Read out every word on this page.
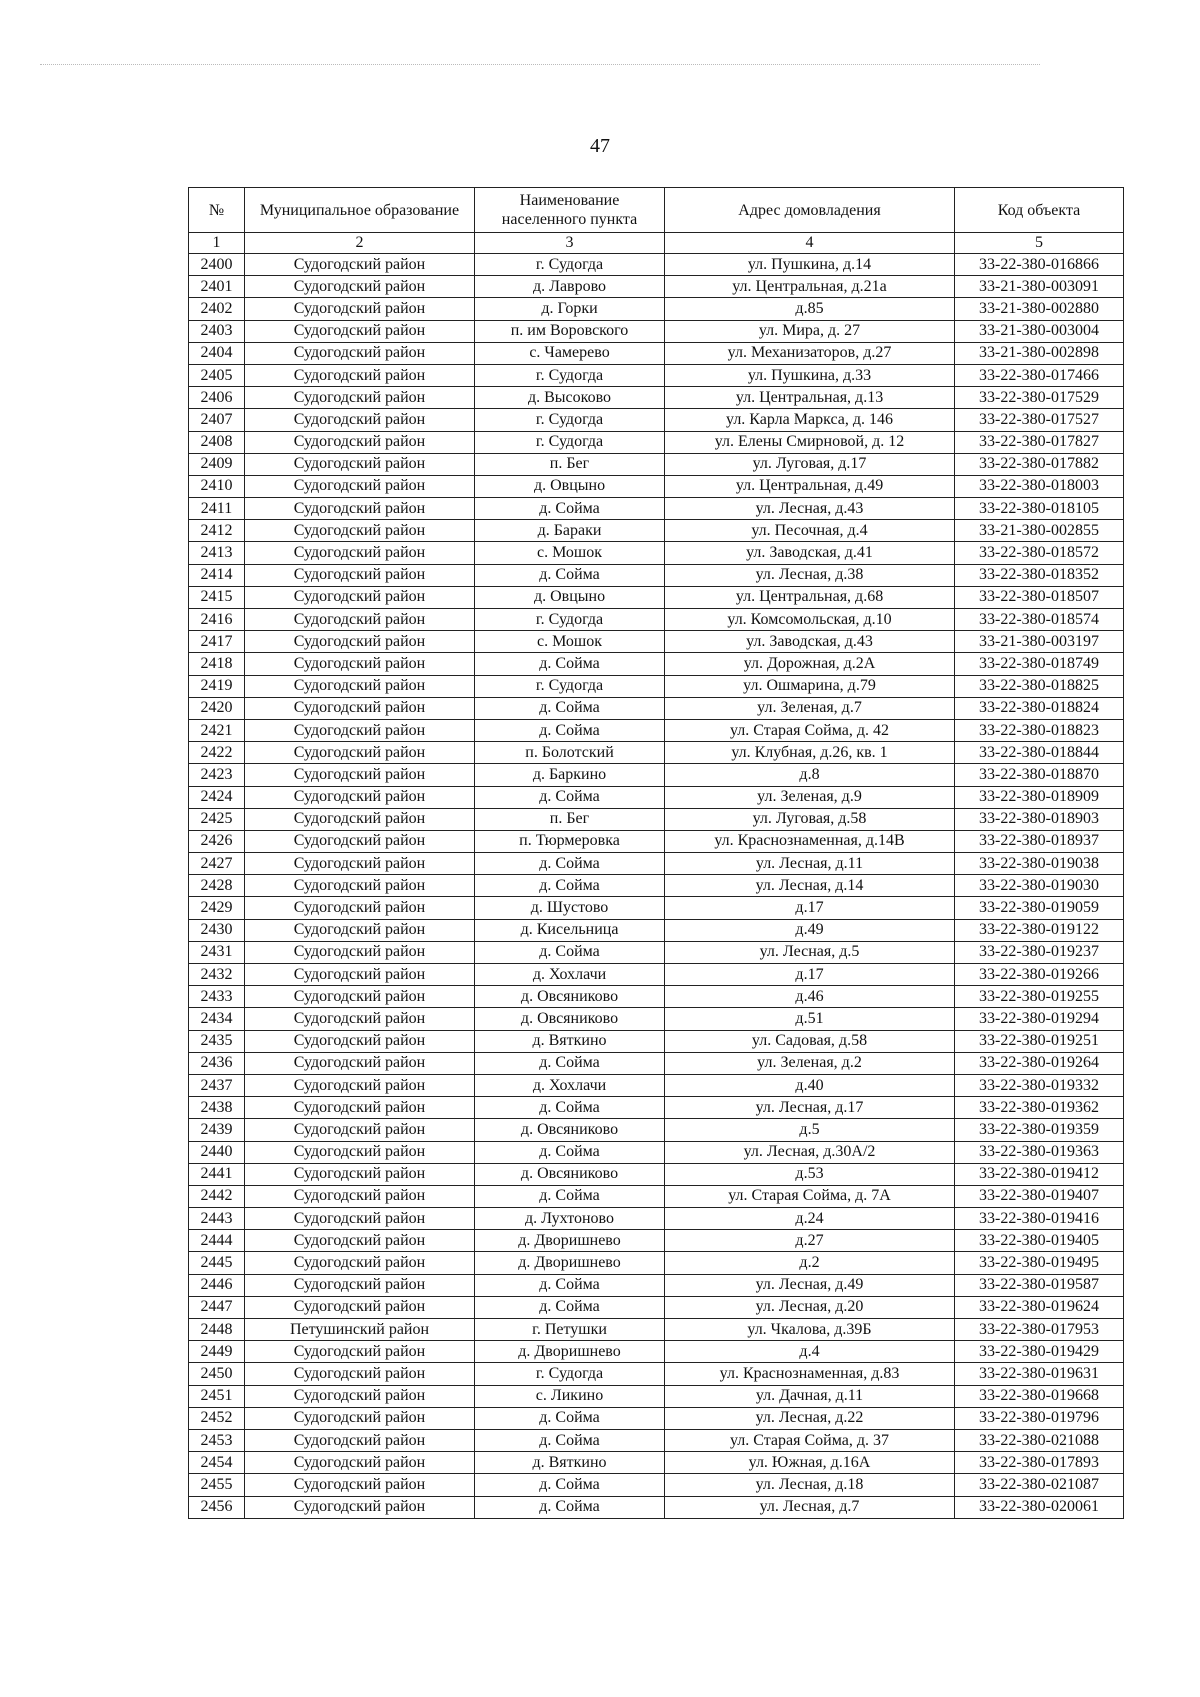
47
№	Муниципальное образование	Наименование населенного пункта	Адрес домовладения	Код объекта
1	2	3	4	5
2400	Судогодский район	г. Судогда	ул. Пушкина, д.14	33-22-380-016866
2401	Судогодский район	д. Лаврово	ул. Центральная, д.21а	33-21-380-003091
2402	Судогодский район	д. Горки	д.85	33-21-380-002880
2403	Судогодский район	п. им Воровского	ул. Мира, д. 27	33-21-380-003004
2404	Судогодский район	с. Чамерево	ул. Механизаторов, д.27	33-21-380-002898
2405	Судогодский район	г. Судогда	ул. Пушкина, д.33	33-22-380-017466
2406	Судогодский район	д. Высоково	ул. Центральная, д.13	33-22-380-017529
2407	Судогодский район	г. Судогда	ул. Карла Маркса, д. 146	33-22-380-017527
2408	Судогодский район	г. Судогда	ул. Елены Смирновой, д. 12	33-22-380-017827
2409	Судогодский район	п. Бег	ул. Луговая, д.17	33-22-380-017882
2410	Судогодский район	д. Овцыно	ул. Центральная, д.49	33-22-380-018003
2411	Судогодский район	д. Сойма	ул. Лесная, д.43	33-22-380-018105
2412	Судогодский район	д. Бараки	ул. Песочная, д.4	33-21-380-002855
2413	Судогодский район	с. Мошок	ул. Заводская, д.41	33-22-380-018572
2414	Судогодский район	д. Сойма	ул. Лесная, д.38	33-22-380-018352
2415	Судогодский район	д. Овцыно	ул. Центральная, д.68	33-22-380-018507
2416	Судогодский район	г. Судогда	ул. Комсомольская, д.10	33-22-380-018574
2417	Судогодский район	с. Мошок	ул. Заводская, д.43	33-21-380-003197
2418	Судогодский район	д. Сойма	ул. Дорожная, д.2А	33-22-380-018749
2419	Судогодский район	г. Судогда	ул. Ошмарина, д.79	33-22-380-018825
2420	Судогодский район	д. Сойма	ул. Зеленая, д.7	33-22-380-018824
2421	Судогодский район	д. Сойма	ул. Старая Сойма, д. 42	33-22-380-018823
2422	Судогодский район	п. Болотский	ул. Клубная, д.26, кв. 1	33-22-380-018844
2423	Судогодский район	д. Баркино	д.8	33-22-380-018870
2424	Судогодский район	д. Сойма	ул. Зеленая, д.9	33-22-380-018909
2425	Судогодский район	п. Бег	ул. Луговая, д.58	33-22-380-018903
2426	Судогодский район	п. Тюрмеровка	ул. Краснознаменная, д.14В	33-22-380-018937
2427	Судогодский район	д. Сойма	ул. Лесная, д.11	33-22-380-019038
2428	Судогодский район	д. Сойма	ул. Лесная, д.14	33-22-380-019030
2429	Судогодский район	д. Шустово	д.17	33-22-380-019059
2430	Судогодский район	д. Кисельница	д.49	33-22-380-019122
2431	Судогодский район	д. Сойма	ул. Лесная, д.5	33-22-380-019237
2432	Судогодский район	д. Хохлачи	д.17	33-22-380-019266
2433	Судогодский район	д. Овсяниково	д.46	33-22-380-019255
2434	Судогодский район	д. Овсяниково	д.51	33-22-380-019294
2435	Судогодский район	д. Вяткино	ул. Садовая, д.58	33-22-380-019251
2436	Судогодский район	д. Сойма	ул. Зеленая, д.2	33-22-380-019264
2437	Судогодский район	д. Хохлачи	д.40	33-22-380-019332
2438	Судогодский район	д. Сойма	ул. Лесная, д.17	33-22-380-019362
2439	Судогодский район	д. Овсяниково	д.5	33-22-380-019359
2440	Судогодский район	д. Сойма	ул. Лесная, д.30А/2	33-22-380-019363
2441	Судогодский район	д. Овсяниково	д.53	33-22-380-019412
2442	Судогодский район	д. Сойма	ул. Старая Сойма, д. 7А	33-22-380-019407
2443	Судогодский район	д. Лухтоново	д.24	33-22-380-019416
2444	Судогодский район	д. Дворишнево	д.27	33-22-380-019405
2445	Судогодский район	д. Дворишнево	д.2	33-22-380-019495
2446	Судогодский район	д. Сойма	ул. Лесная, д.49	33-22-380-019587
2447	Судогодский район	д. Сойма	ул. Лесная, д.20	33-22-380-019624
2448	Петушинский район	г. Петушки	ул. Чкалова, д.39Б	33-22-380-017953
2449	Судогодский район	д. Дворишнево	д.4	33-22-380-019429
2450	Судогодский район	г. Судогда	ул. Краснознаменная, д.83	33-22-380-019631
2451	Судогодский район	с. Ликино	ул. Дачная, д.11	33-22-380-019668
2452	Судогодский район	д. Сойма	ул. Лесная, д.22	33-22-380-019796
2453	Судогодский район	д. Сойма	ул. Старая Сойма, д. 37	33-22-380-021088
2454	Судогодский район	д. Вяткино	ул. Южная, д.16А	33-22-380-017893
2455	Судогодский район	д. Сойма	ул. Лесная, д.18	33-22-380-021087
2456	Судогодский район	д. Сойма	ул. Лесная, д.7	33-22-380-020061
